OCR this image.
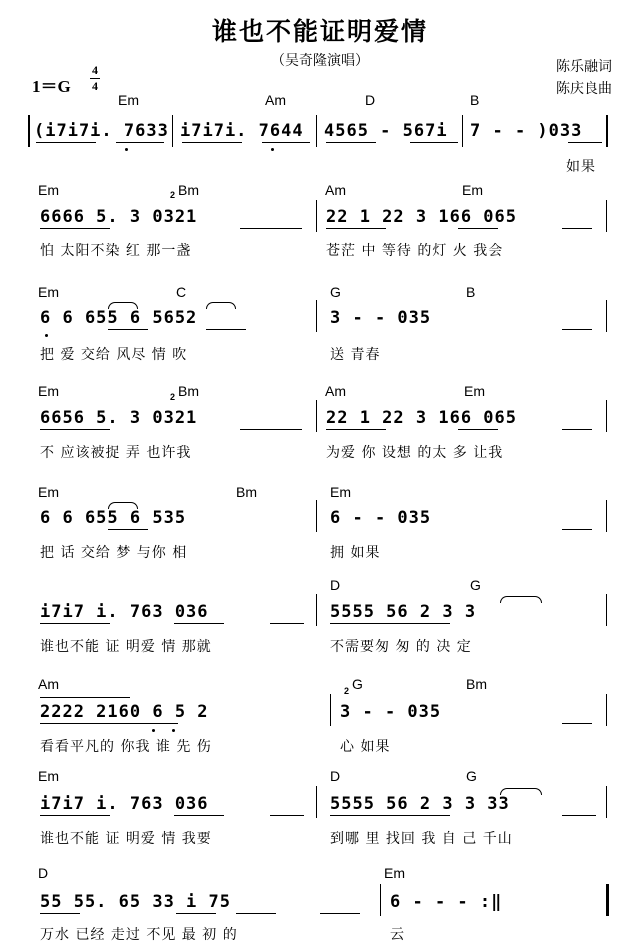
谁也不能证明爱情
（吴奇隆演唱）
1＝G
4
4
陈乐融词
陈庆良曲
Em	Am	D	B
(i7i7i. 7633 i7i7i. 7644 4565 - 567i 7 - - )033
如果
Em	Bm
2	Am	Em
6666 5. 3 0321	22 1 22 3 166 065
怕 太阳不染 红 那一盏	苍茫 中 等待 的灯 火 我会
Em	C	G	B
6 6 655 6 5652	3 - - 035
把 爱 交给 风尽 情 吹	送 青春
Em	Bm
2	Am	Em
6656 5. 3 0321	22 1 22 3 166 065
不 应该被捉 弄 也许我	为爱 你 设想 的太 多 让我
Em	Bm	Em
6 6 655 6 535	6 - - 035
把 话 交给 梦 与你 相	拥 如果
D	G
i7i7 i. 763 036	5555 56 2 3 3
谁也不能 证 明爱 情 那就	不需要匆 匆 的 决 定
Am	G
2	Bm
2222 2160 6 5 2	3 - - 035
看看平凡的 你我 谁 先 伤	心 如果
Em	D	G
i7i7 i. 763 036	5555 56 2 3 3 33
谁也不能 证 明爱 情 我要	到哪 里 找回 我 自 己 千山
D	Em
55 55. 65 33 i 75	6 - - - :‖
万水 已经 走过 不见 最 初 的	云
